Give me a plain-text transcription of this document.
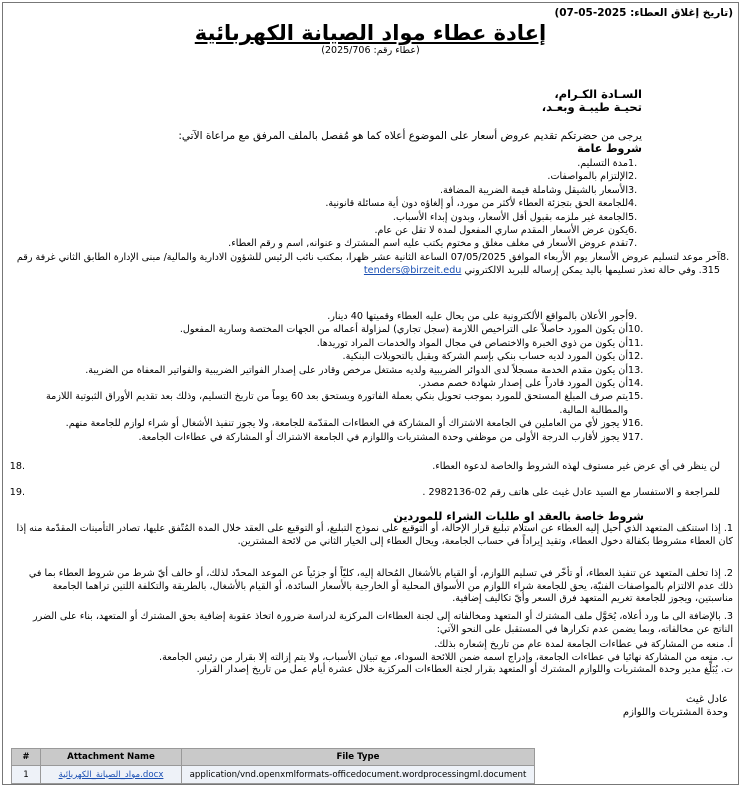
(تاريخ إغلاق العطاء: 2025-05-07)
إعادة عطاء مواد الصيانة الكهربائية
(عطاء رقم: 2025/706)
السـادة الكـرام،
تحيـة طيبـة وبعـد،
يرجى من حضرتكم تقديم عروض أسعار على الموضوع أعلاه كما هو مُفصل بالملف المرفق مع مراعاة الآتي:
شروط عامة
1.
مدة التسليم.
2.
الإلتزام بالمواصفات.
3.
الأسعار بالشيقل وشاملة قيمة الضريبة المضافة.
4.
للجامعة الحق بتجزئة العطاء لأكثر من مورد، أو إلغاؤه دون أية مسائلة قانونية.
5.
الجامعة غير ملزمه بقبول أقل الأسعار، وبدون إبداء الأسباب.
6.
يكون عرض الأسعار المقدم ساري المفعول لمدة لا تقل عن عام.
7.
تقدم عروض الأسعار في مغلف مغلق و مختوم يكتب عليه اسم المشترك و عنوانه, اسم و رقم العطاء.
8.
آخر موعد لتسليم عروض الأسعار يوم الأربعاء الموافق 07/05/2025 الساعة الثانية عشر ظهرا، بمكتب نائب الرئيس للشؤون الادارية والمالية/ مبنى الإدارة الطابق الثاني غرفة رقم 315. وفي حالة تعذر تسليمها باليد يمكن إرساله للبريد الالكتروني tenders@birzeit.edu
9.
أجور الأعلان بالمواقع الألكترونية على من يحال عليه العطاء وقميتها 40 دينار.
10.
أن يكون المورد حاصلاً على التراخيص اللازمة (سجل تجاري) لمزاولة أعماله من الجهات المختصة وسارية المفعول.
11.
أن يكون من ذوي الخبرة والاختصاص في مجال المواد والخدمات المراد توريدها.
12.
أن يكون المورد لديه حساب بنكي بإسم الشركة ويقبل بالتحويلات البنكية.
13.
أن يكون مقدم الخدمة مسجلاً لدى الدوائر الضريبية ولديه مشتغل مرخص وقادر على إصدار الفواتير الضريبية والفواتير المعفاة من الضريبة.
14.
أن يكون المورد قادراً على إصدار شهادة خصم مصدر.
15.
يتم صرف المبلغ المستحق للمورد بموجب تحويل بنكي بعملة الفاتورة ويستحق بعد 60 يوماً من تاريخ التسليم، وذلك بعد تقديم الأوراق الثبوتية اللازمة والمطالبة المالية.
16.
لا يجوز لأي من العاملين في الجامعة الاشتراك أو المشاركة في العطاءات المقدّمة للجامعة، ولا يجوز تنفيذ الأشغال أو شراء لوازم للجامعة منهم.
17.
لا يجوز لأقارب الدرجة الأولى من موظفي وحدة المشتريات واللوازم في الجامعة الاشتراك أو المشاركة في عطاءات الجامعة.
لن ينظر في أي عرض غير مستوف لهذه الشروط والخاصة لدعوة العطاء.
18.
للمراجعة و الاستفسار مع السيد عادل غيث على هاتف رقم 02-2982136 .
19.
شروط خاصة بالعقد او طلبات الشراء للموردين
1. إذا استنكف المتعهد الذي أحيل إليه العطاء عن استلام تبليغ قرار الإحالة، أو التوقيع على نموذج التبليغ، أو التوقيع على العقد خلال المدة المُتّفق عليها، تصادر التأمينات المقدّمة منه إذا كان العطاء مشروطا بكفالة دخول العطاء، وتقيد إيراداً في حساب الجامعة، ويحال العطاء إلى الخيار الثاني من لائحة المشترين.
2. إذا تخلف المتعهد عن تنفيذ العطاء، أو تأخّر في تسليم اللوازم، أو القيام بالأشغال المُحالة إليه، كليّاً أو جزئياً عن الموعد المحدّد لذلك، أو خالف أيّ شرط من شروط العطاء بما في ذلك عدم الالتزام بالمواصفات الفنيّة، يحق للجامعة شراء اللوازم من الأسواق المحلية أو الخارجية بالأسعار السائدة، أو القيام بالأشغال، بالطريقة والتكلفة اللتين تراهما الجامعة مناسبتين، ويجوز للجامعة تغريم المتعهد فرق السعر وأيّ تكاليف إضافية.
3. بالإضافة الى ما ورد أعلاه، يُحَوَّل ملف المشترك أو المتعهد ومخالفاته إلى لجنة العطاءات المركزية لدراسة ضرورة اتخاذ عقوبة إضافية بحق المشترك أو المتعهد، بناء على الضرر الناتج عن مخالفاته، وبما يضمن عدم تكرارها في المستقبل على النحو الآتي:
أ. منعه من المشاركة في عطاءات الجامعة لمدة عام من تاريخ إشعاره بذلك.
ب. منعه من المشاركة نهائيا في عطاءات الجامعة، وإدراج اسمه ضمن اللائحة السوداء، مع تبيان الأسباب، ولا يتم إزالته إلا بقرار من رئيس الجامعة.
ت. يُبَلِّغ مدير وحدة المشتريات واللوازم المشترك أو المتعهد بقرار لجنة العطاءات المركزية خلال عشرة أيام عمل من تاريخ إصدار القرار.
عادل غيث
وحدة المشتريات واللوازم
#	Attachment Name	File Type
1	مواد_الصيانة_الكهربائية.docx	application/vnd.openxmlformats-officedocument.wordprocessingml.document
